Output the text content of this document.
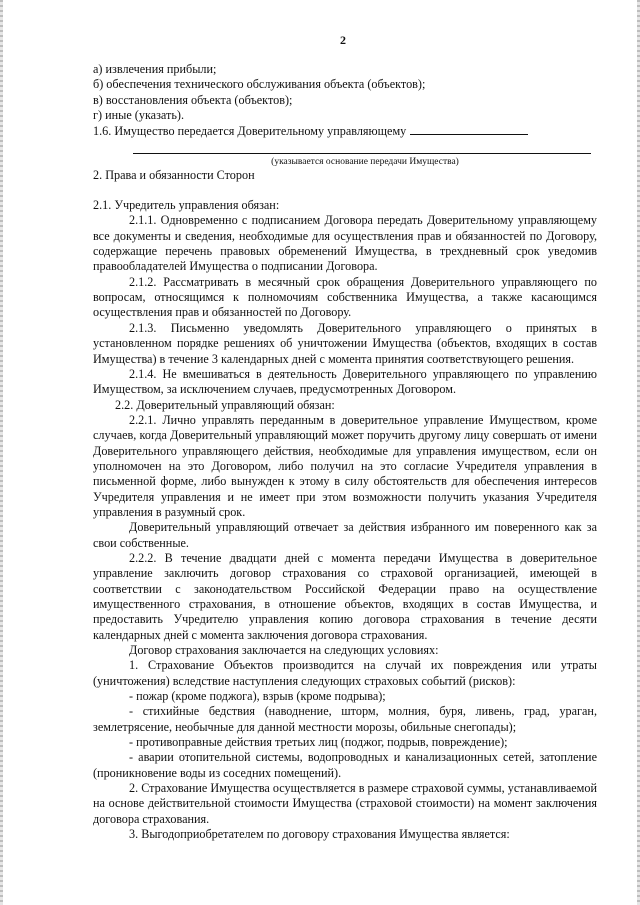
2
а) извлечения прибыли;
б) обеспечения технического обслуживания объекта (объектов);
в) восстановления объекта (объектов);
г) иные (указать).
1.6. Имущество передается Доверительному управляющему
(указывается основание передачи Имущества)
2. Права и обязанности Сторон
2.1. Учредитель управления обязан:
2.1.1. Одновременно с подписанием Договора передать Доверительному управляющему все документы и сведения, необходимые для осуществления прав и обязанностей по Договору, содержащие перечень правовых обременений Имущества, в трехдневный срок уведомив правообладателей Имущества о подписании Договора.
2.1.2. Рассматривать в месячный срок обращения Доверительного управляющего по вопросам, относящимся к полномочиям собственника Имущества, а также касающимся осуществления прав и обязанностей по Договору.
2.1.3. Письменно уведомлять Доверительного управляющего о принятых в установленном порядке решениях об уничтожении Имущества (объектов, входящих в состав Имущества) в течение 3 календарных дней с момента принятия соответствующего решения.
2.1.4. Не вмешиваться в деятельность Доверительного управляющего по управлению Имуществом, за исключением случаев, предусмотренных Договором.
2.2. Доверительный управляющий обязан:
2.2.1. Лично управлять переданным в доверительное управление Имуществом, кроме случаев, когда Доверительный управляющий может поручить другому лицу совершать от имени Доверительного управляющего действия, необходимые для управления имуществом, если он уполномочен на это Договором, либо получил на это согласие Учредителя управления в письменной форме, либо вынужден к этому в силу обстоятельств для обеспечения интересов Учредителя управления и не имеет при этом возможности получить указания Учредителя управления в разумный срок.
Доверительный управляющий отвечает за действия избранного им поверенного как за свои собственные.
2.2.2. В течение двадцати дней с момента передачи Имущества в доверительное управление заключить договор страхования со страховой организацией, имеющей в соответствии с законодательством Российской Федерации право на осуществление имущественного страхования, в отношение объектов, входящих в состав Имущества, и предоставить Учредителю управления копию договора страхования в течение десяти календарных дней с момента заключения договора страхования.
Договор страхования заключается на следующих условиях:
1. Страхование Объектов производится на случай их повреждения или утраты (уничтожения) вследствие наступления следующих страховых событий (рисков):
- пожар (кроме поджога), взрыв (кроме подрыва);
- стихийные бедствия (наводнение, шторм, молния, буря, ливень, град, ураган, землетрясение, необычные для данной местности морозы, обильные снегопады);
- противоправные действия третьих лиц (поджог, подрыв, повреждение);
- аварии отопительной системы, водопроводных и канализационных сетей, затопление (проникновение воды из соседних помещений).
2. Страхование Имущества осуществляется в размере страховой суммы, устанавливаемой на основе действительной стоимости Имущества (страховой стоимости) на момент заключения договора страхования.
3. Выгодоприобретателем по договору страхования Имущества является:
